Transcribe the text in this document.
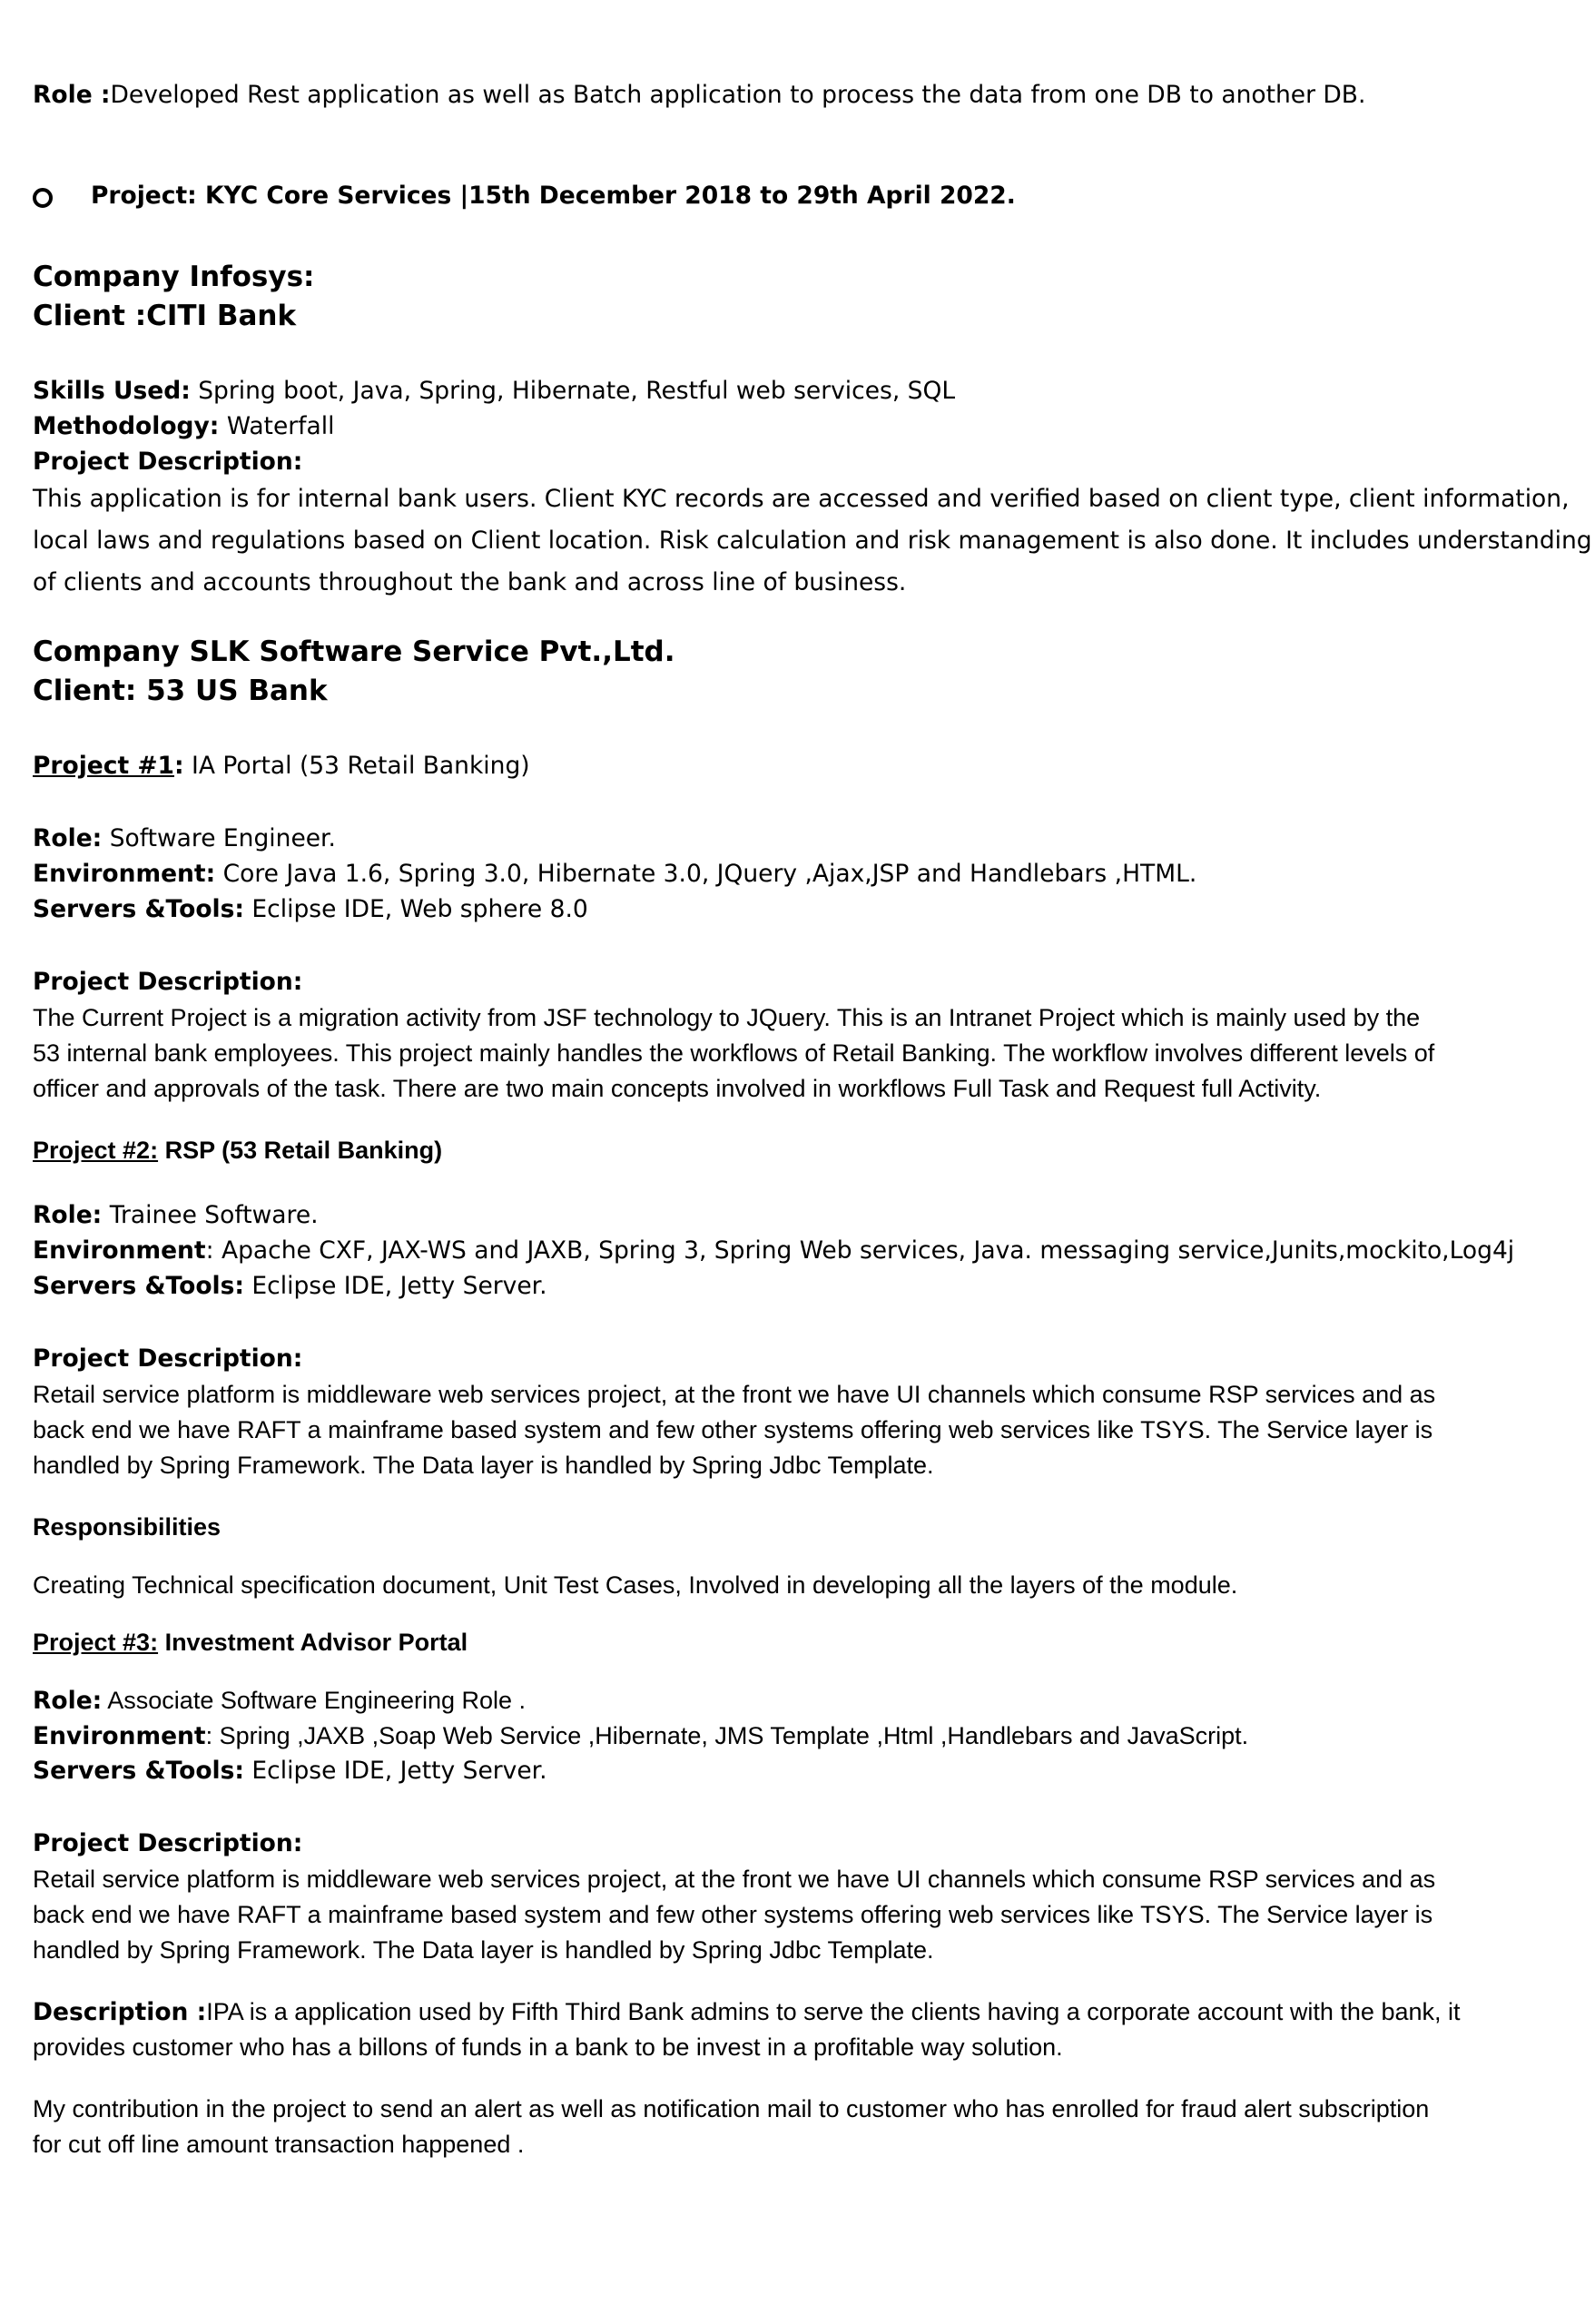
Role :Developed Rest application as well as Batch application to process the data from one DB to another DB.
Project: KYC Core Services |15th December 2018 to 29th April 2022.
Company Infosys:
Client :CITI Bank
Skills Used: Spring boot, Java, Spring, Hibernate, Restful web services, SQL
Methodology: Waterfall
Project Description:
This application is for internal bank users. Client KYC records are accessed and verified based on client type, client information,
local laws and regulations based on Client location. Risk calculation and risk management is also done. It includes understanding
of clients and accounts throughout the bank and across line of business.
Company SLK Software Service Pvt.,Ltd.
Client: 53 US Bank
Project #1: IA Portal (53 Retail Banking)
Role: Software Engineer.
Environment: Core Java 1.6, Spring 3.0, Hibernate 3.0, JQuery ,Ajax,JSP and Handlebars ,HTML.
Servers &Tools: Eclipse IDE, Web sphere 8.0
Project Description:
The Current Project is a migration activity from JSF technology to JQuery. This is an Intranet Project which is mainly used by the
53 internal bank employees. This project mainly handles the workflows of Retail Banking. The workflow involves different levels of
officer and approvals of the task. There are two main concepts involved in workflows Full Task and Request full Activity.
Project #2: RSP (53 Retail Banking)
Role: Trainee Software.
Environment: Apache CXF, JAX-WS and JAXB, Spring 3, Spring Web services, Java. messaging service,Junits,mockito,Log4j
Servers &Tools: Eclipse IDE, Jetty Server.
Project Description:
Retail service platform is middleware web services project, at the front we have UI channels which consume RSP services and as
back end we have RAFT a mainframe based system and few other systems offering web services like TSYS. The Service layer is
handled by Spring Framework. The Data layer is handled by Spring Jdbc Template.
Responsibilities
Creating Technical specification document, Unit Test Cases, Involved in developing all the layers of the module.
Project #3: Investment Advisor Portal
Role: Associate Software Engineering Role .
Environment: Spring ,JAXB ,Soap Web Service ,Hibernate, JMS Template ,Html ,Handlebars and JavaScript.
Servers &Tools: Eclipse IDE, Jetty Server.
Project Description:
Retail service platform is middleware web services project, at the front we have UI channels which consume RSP services and as
back end we have RAFT a mainframe based system and few other systems offering web services like TSYS. The Service layer is
handled by Spring Framework. The Data layer is handled by Spring Jdbc Template.
Description :IPA is a application used by Fifth Third Bank admins to serve the clients having a corporate account with the bank, it
provides customer who has a billons of funds in a bank to be invest in a profitable way solution.
My contribution in the project to send an alert as well as notification mail to customer who has enrolled for fraud alert subscription
for cut off line amount transaction happened .
